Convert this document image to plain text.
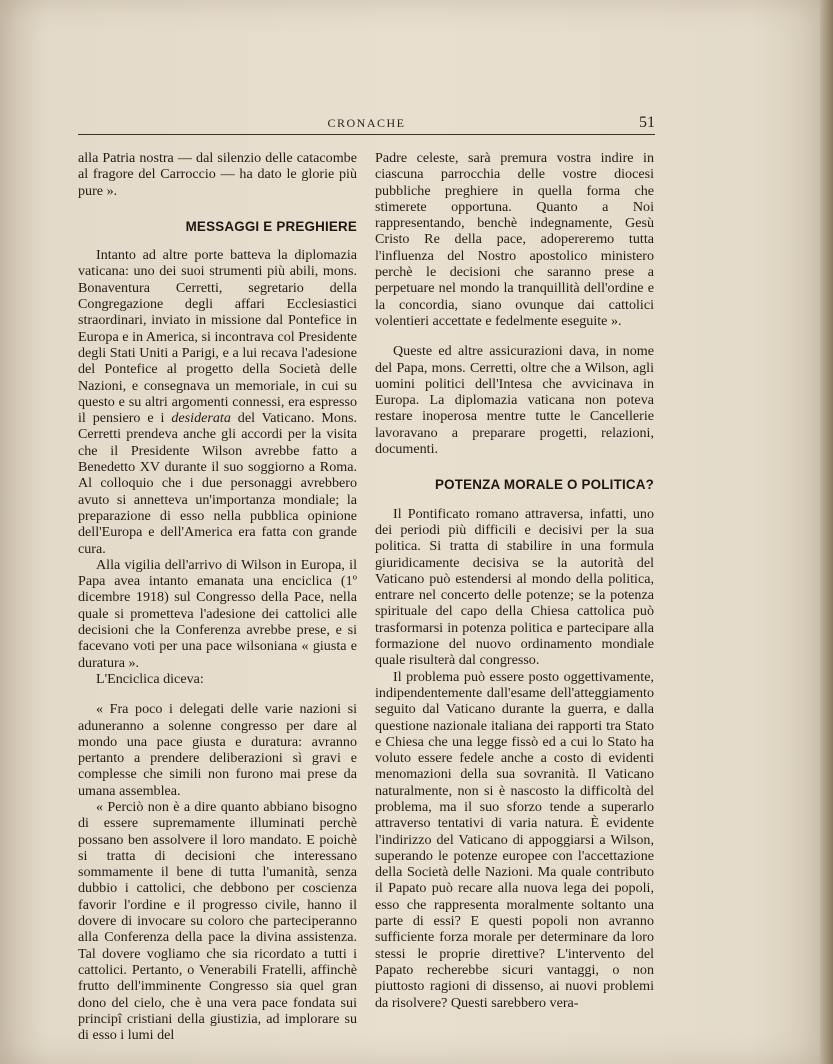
CRONACHE	51

alla Patria nostra — dal silenzio delle catacombe al fragore del Carroccio — ha dato le glorie più pure ».

MESSAGGI E PREGHIERE

Intanto ad altre porte batteva la diplomazia vaticana: uno dei suoi strumenti più abili, mons. Bonaventura Cerretti, segretario della Congregazione degli affari Ecclesiastici straordinari, inviato in missione dal Pontefice in Europa e in America, si incontrava col Presidente degli Stati Uniti a Parigi, e a lui recava l'adesione del Pontefice al progetto della Società delle Nazioni, e consegnava un memoriale, in cui su questo e su altri argomenti connessi, era espresso il pensiero e i desiderata del Vaticano. Mons. Cerretti prendeva anche gli accordi per la visita che il Presidente Wilson avrebbe fatto a Benedetto XV durante il suo soggiorno a Roma. Al colloquio che i due personaggi avrebbero avuto si annetteva un'importanza mondiale; la preparazione di esso nella pubblica opinione dell'Europa e dell'America era fatta con grande cura.

Alla vigilia dell'arrivo di Wilson in Europa, il Papa avea intanto emanata una enciclica (1º dicembre 1918) sul Congresso della Pace, nella quale si prometteva l'adesione dei cattolici alle decisioni che la Conferenza avrebbe prese, e si facevano voti per una pace wilsoniana « giusta e duratura ».

L'Enciclica diceva:

« Fra poco i delegati delle varie nazioni si aduneranno a solenne congresso per dare al mondo una pace giusta e duratura: avranno pertanto a prendere deliberazioni sì gravi e complesse che simili non furono mai prese da umana assemblea.

« Perciò non è a dire quanto abbiano bisogno di essere supremamente illuminati perchè possano ben assolvere il loro mandato. E poichè si tratta di decisioni che interessano sommamente il bene di tutta l'umanità, senza dubbio i cattolici, che debbono per coscienza favorir l'ordine e il progresso civile, hanno il dovere di invocare su coloro che parteciperanno alla Conferenza della pace la divina assistenza. Tal dovere vogliamo che sia ricordato a tutti i cattolici. Pertanto, o Venerabili Fratelli, affinchè frutto dell'imminente Congresso sia quel gran dono del cielo, che è una vera pace fondata sui principî cristiani della giustizia, ad implorare su di esso i lumi del

Padre celeste, sarà premura vostra indire in ciascuna parrocchia delle vostre diocesi pubbliche preghiere in quella forma che stimerete opportuna. Quanto a Noi rappresentando, benchè indegnamente, Gesù Cristo Re della pace, adopereremo tutta l'influenza del Nostro apostolico ministero perchè le decisioni che saranno prese a perpetuare nel mondo la tranquillità dell'ordine e la concordia, siano ovunque dai cattolici volentieri accettate e fedelmente eseguite ».

Queste ed altre assicurazioni dava, in nome del Papa, mons. Cerretti, oltre che a Wilson, agli uomini politici dell'Intesa che avvicinava in Europa. La diplomazia vaticana non poteva restare inoperosa mentre tutte le Cancellerie lavoravano a preparare progetti, relazioni, documenti.

POTENZA MORALE O POLITICA?

Il Pontificato romano attraversa, infatti, uno dei periodi più difficili e decisivi per la sua politica. Si tratta di stabilire in una formula giuridicamente decisiva se la autorità del Vaticano può estendersi al mondo della politica, entrare nel concerto delle potenze; se la potenza spirituale del capo della Chiesa cattolica può trasformarsi in potenza politica e partecipare alla formazione del nuovo ordinamento mondiale quale risulterà dal congresso.

Il problema può essere posto oggettivamente, indipendentemente dall'esame dell'atteggiamento seguito dal Vaticano durante la guerra, e dalla questione nazionale italiana dei rapporti tra Stato e Chiesa che una legge fissò ed a cui lo Stato ha voluto essere fedele anche a costo di evidenti menomazioni della sua sovranità. Il Vaticano naturalmente, non si è nascosto la difficoltà del problema, ma il suo sforzo tende a superarlo attraverso tentativi di varia natura. È evidente l'indirizzo del Vaticano di appoggiarsi a Wilson, superando le potenze europee con l'accettazione della Società delle Nazioni. Ma quale contributo il Papato può recare alla nuova lega dei popoli, esso che rappresenta moralmente soltanto una parte di essi? E questi popoli non avranno sufficiente forza morale per determinare da loro stessi le proprie direttive? L'intervento del Papato recherebbe sicuri vantaggi, o non piuttosto ragioni di dissenso, ai nuovi problemi da risolvere? Questi sarebbero vera-
